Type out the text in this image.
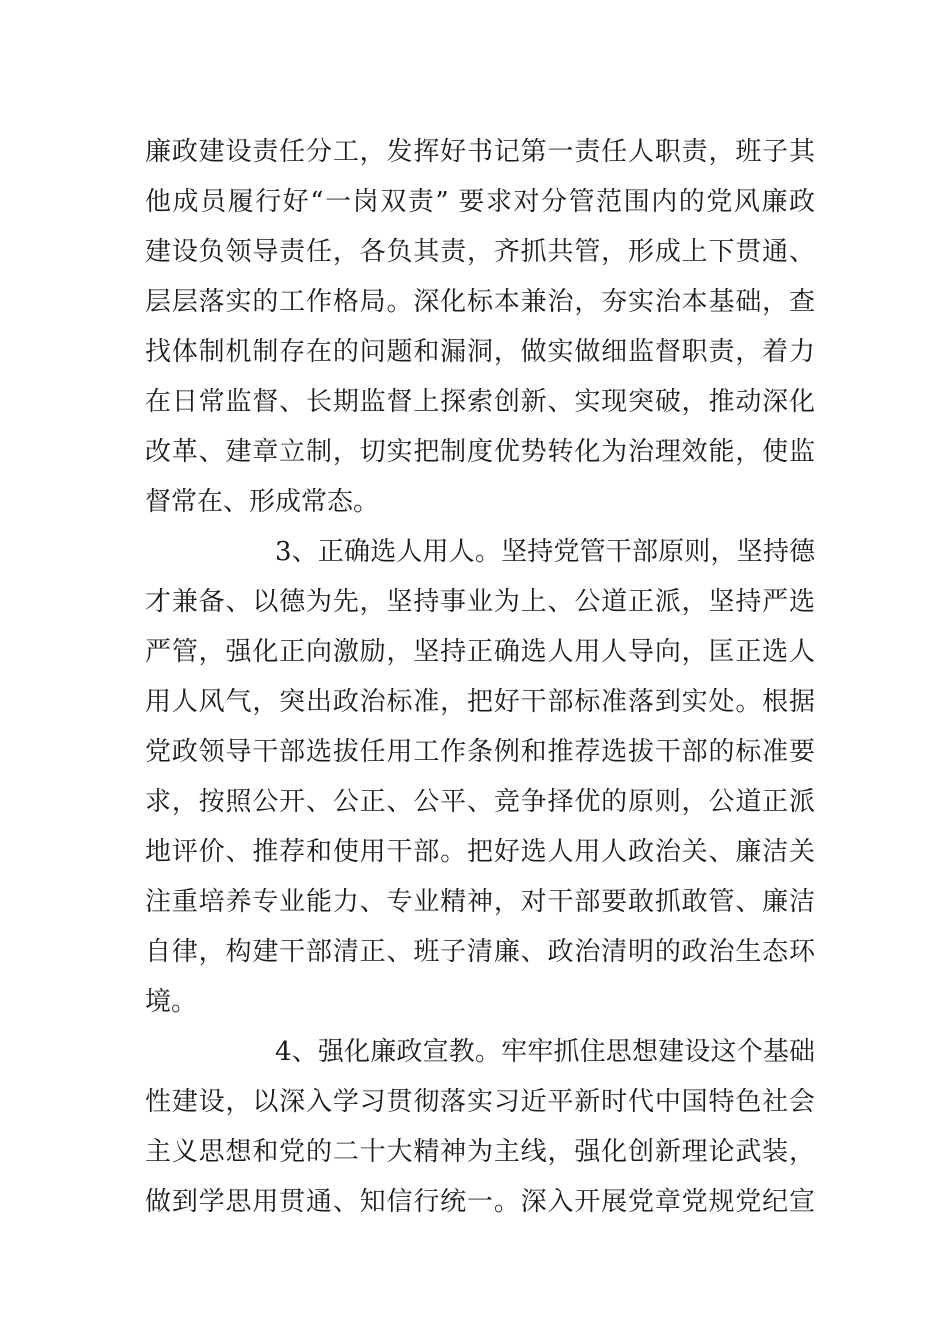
廉政建设责任分工，发挥好书记第一责任人职责，班子其
他成员履行好“一岗双责” 要求对分管范围内的党风廉政
建设负领导责任，各负其责，齐抓共管，形成上下贯通、
层层落实的工作格局。深化标本兼治，夯实治本基础，查
找体制机制存在的问题和漏洞，做实做细监督职责，着力
在日常监督、长期监督上探索创新、实现突破，推动深化
改革、建章立制，切实把制度优势转化为治理效能，使监
督常在、形成常态。
3、正确选人用人。坚持党管干部原则，坚持德
才兼备、以德为先，坚持事业为上、公道正派，坚持严选
严管，强化正向激励，坚持正确选人用人导向，匡正选人
用人风气，突出政治标准，把好干部标准落到实处。根据
党政领导干部选拔任用工作条例和推荐选拔干部的标准要
求，按照公开、公正、公平、竞争择优的原则，公道正派
地评价、推荐和使用干部。把好选人用人政治关、廉洁关
注重培养专业能力、专业精神，对干部要敢抓敢管、廉洁
自律，构建干部清正、班子清廉、政治清明的政治生态环
境。
4、强化廉政宣教。牢牢抓住思想建设这个基础
性建设，以深入学习贯彻落实习近平新时代中国特色社会
主义思想和党的二十大精神为主线，强化创新理论武装，
做到学思用贯通、知信行统一。深入开展党章党规党纪宣
